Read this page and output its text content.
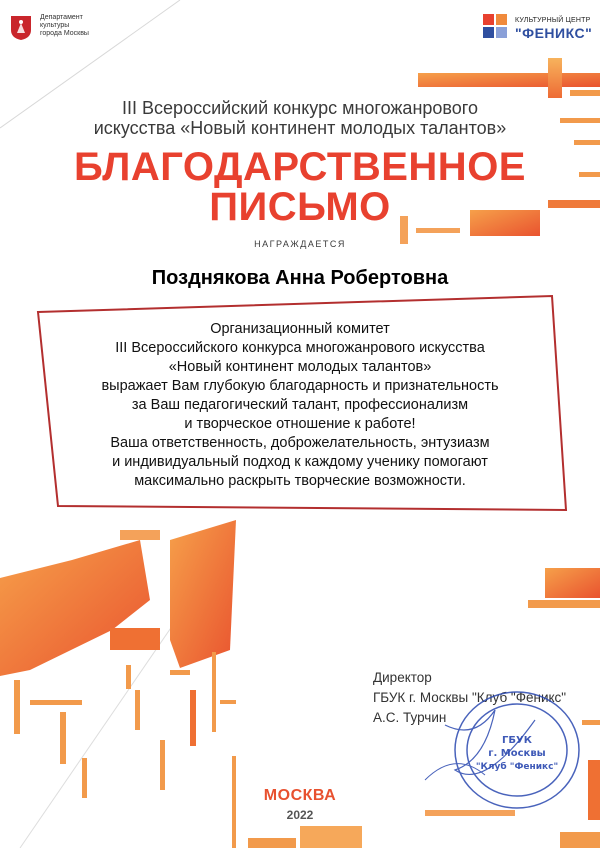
Департамент
культуры
города Москвы
КУЛЬТУРНЫЙ ЦЕНТР
"ФЕНИКС"
III Всероссийский конкурс многожанрового
искусства «Новый континент молодых талантов»
БЛАГОДАРСТВЕННОЕ
ПИСЬМО
НАГРАЖДАЕТСЯ
Позднякова Анна Робертовна
Организационный комитет
III Всероссийского конкурса многожанрового искусства
«Новый континент молодых талантов»
выражает Вам глубокую благодарность и признательность
за Ваш педагогический талант, профессионализм
и творческое отношение к работе!
Ваша ответственность, доброжелательность, энтузиазм
и индивидуальный подход к каждому ученику помогают
максимально раскрыть творческие возможности.
Директор
ГБУК г. Москвы "Клуб "Феникс"
А.С. Турчин
ГБУК
г. Москвы
"Клуб "Феникс"
МОСКВА
2022
